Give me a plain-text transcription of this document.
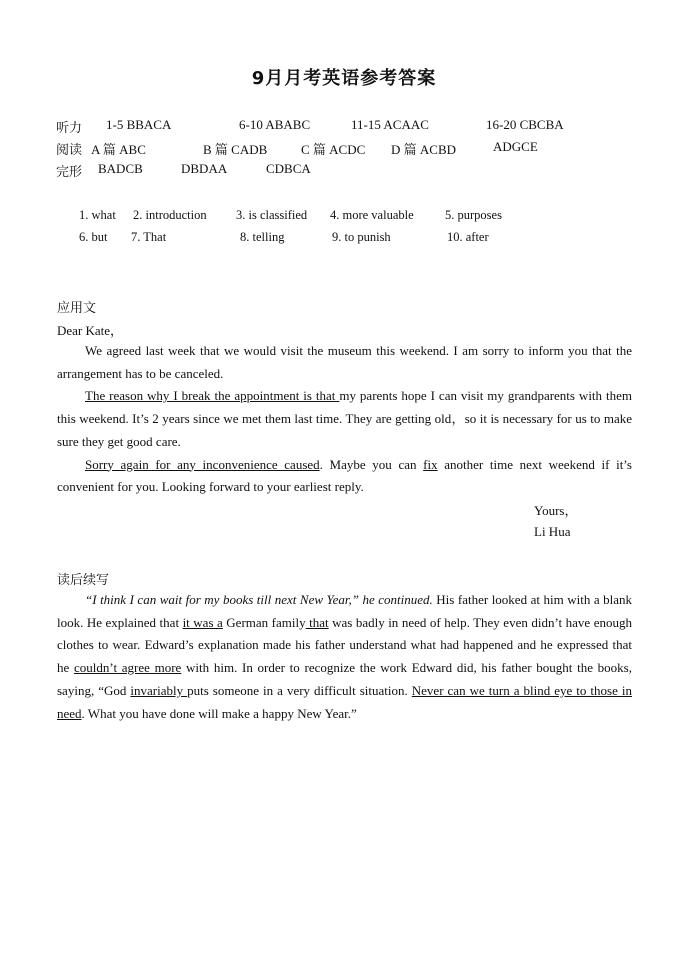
9月月考英语参考答案
听力 1-5 BBACA	6-10 ABABC	11-15 ACAAC	16-20 CBCBA
阅读 A 篇 ABC	B 篇 CADB	C 篇 ACDC D 篇 ACBD	ADGCE
完形 BADCB	DBDAA	CDBCA
1. what 2. introduction 3. is classified 4. more valuable	5. purposes
6. but 7. That	8. telling	9. to punish	10. after
应用文
Dear Kate，

We agreed last week that we would visit the museum this weekend. I am sorry to inform you that the arrangement has to be canceled.

The reason why I break the appointment is that my parents hope I can visit my grandparents with them this weekend. It’s 2 years since we met them last time. They are getting old，so it is necessary for us to make sure they get good care.

Sorry again for any inconvenience caused. Maybe you can fix another time next weekend if it’s convenient for you. Looking forward to your earliest reply.

Yours，
Li Hua
读后续写

“I think I can wait for my books till next New Year,” he continued. His father looked at him with a blank look. He explained that it was a German family that was badly in need of help. They even didn’t have enough clothes to wear. Edward’s explanation made his father understand what had happened and he expressed that he couldn’t agree more with him. In order to recognize the work Edward did, his father bought the books, saying, “God invariably puts someone in a very difficult situation. Never can we turn a blind eye to those in need. What you have done will make a happy New Year.”
